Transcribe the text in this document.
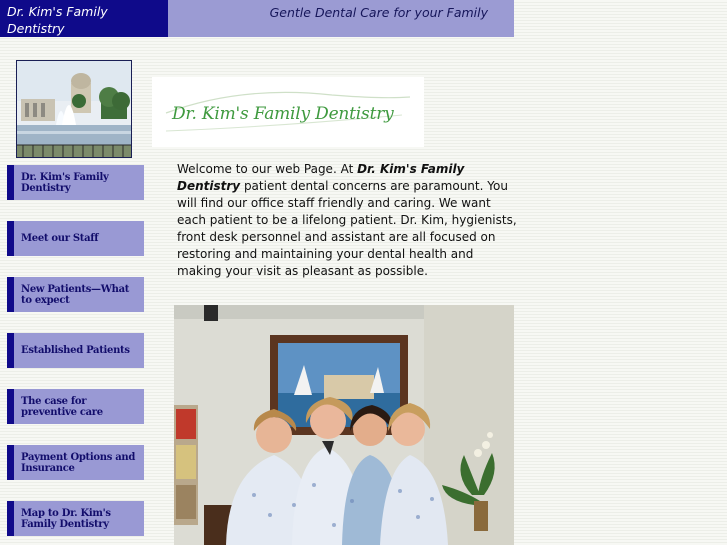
Dr. Kim's Family Dentistry
Gentle Dental Care for your Family
Dr. Kim's Family Dentistry
Dr. Kim's Family Dentistry
Meet our Staff
New Patients—What to expect
Established Patients
The case for preventive care
Payment Options and Insurance
Map to Dr. Kim's Family Dentistry
Welcome to our web Page. At Dr. Kim's Family Dentistry patient dental concerns are paramount. You will find our office staff friendly and caring. We want each patient to be a lifelong patient. Dr. Kim, hygienists, front desk personnel and assistant are all focused on restoring and maintaining your dental health and making your visit as pleasant as possible.
